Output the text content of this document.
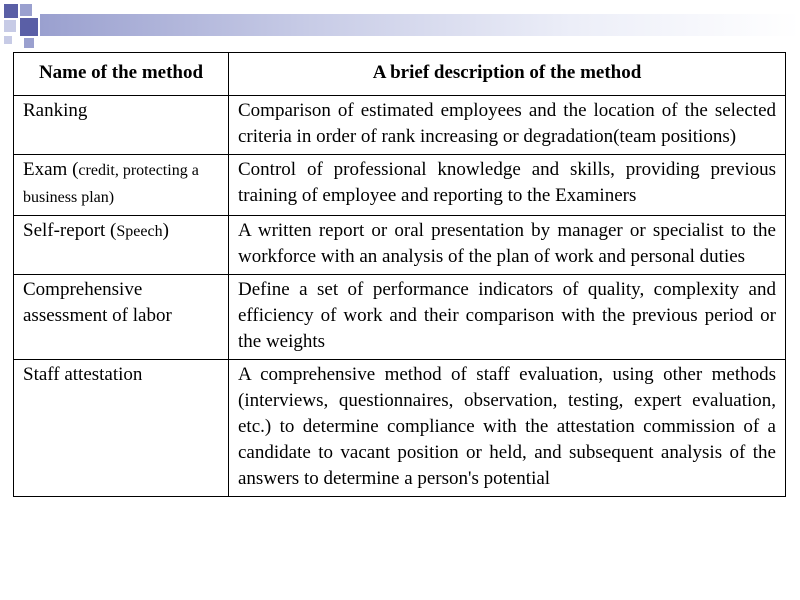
Name of the method	A brief description of the method
Ranking	Comparison of estimated employees and the location of the selected criteria in order of rank increasing or degradation(team positions)
Exam (credit, protecting a business plan)	Control of professional knowledge and skills, providing previous training of employee and reporting to the Examiners
Self-report (Speech)	A written report or oral presentation by manager or specialist to the workforce with an analysis of the plan of work and personal duties
Comprehensive assessment of labor	Define a set of performance indicators of quality, complexity and efficiency of work and their comparison with the previous period or the weights
Staff attestation	A comprehensive method of staff evaluation, using other methods (interviews, questionnaires, observation, testing, expert evaluation, etc.) to determine compliance with the attestation commission of a candidate to vacant position or held, and subsequent analysis of the answers to determine a person's potential
